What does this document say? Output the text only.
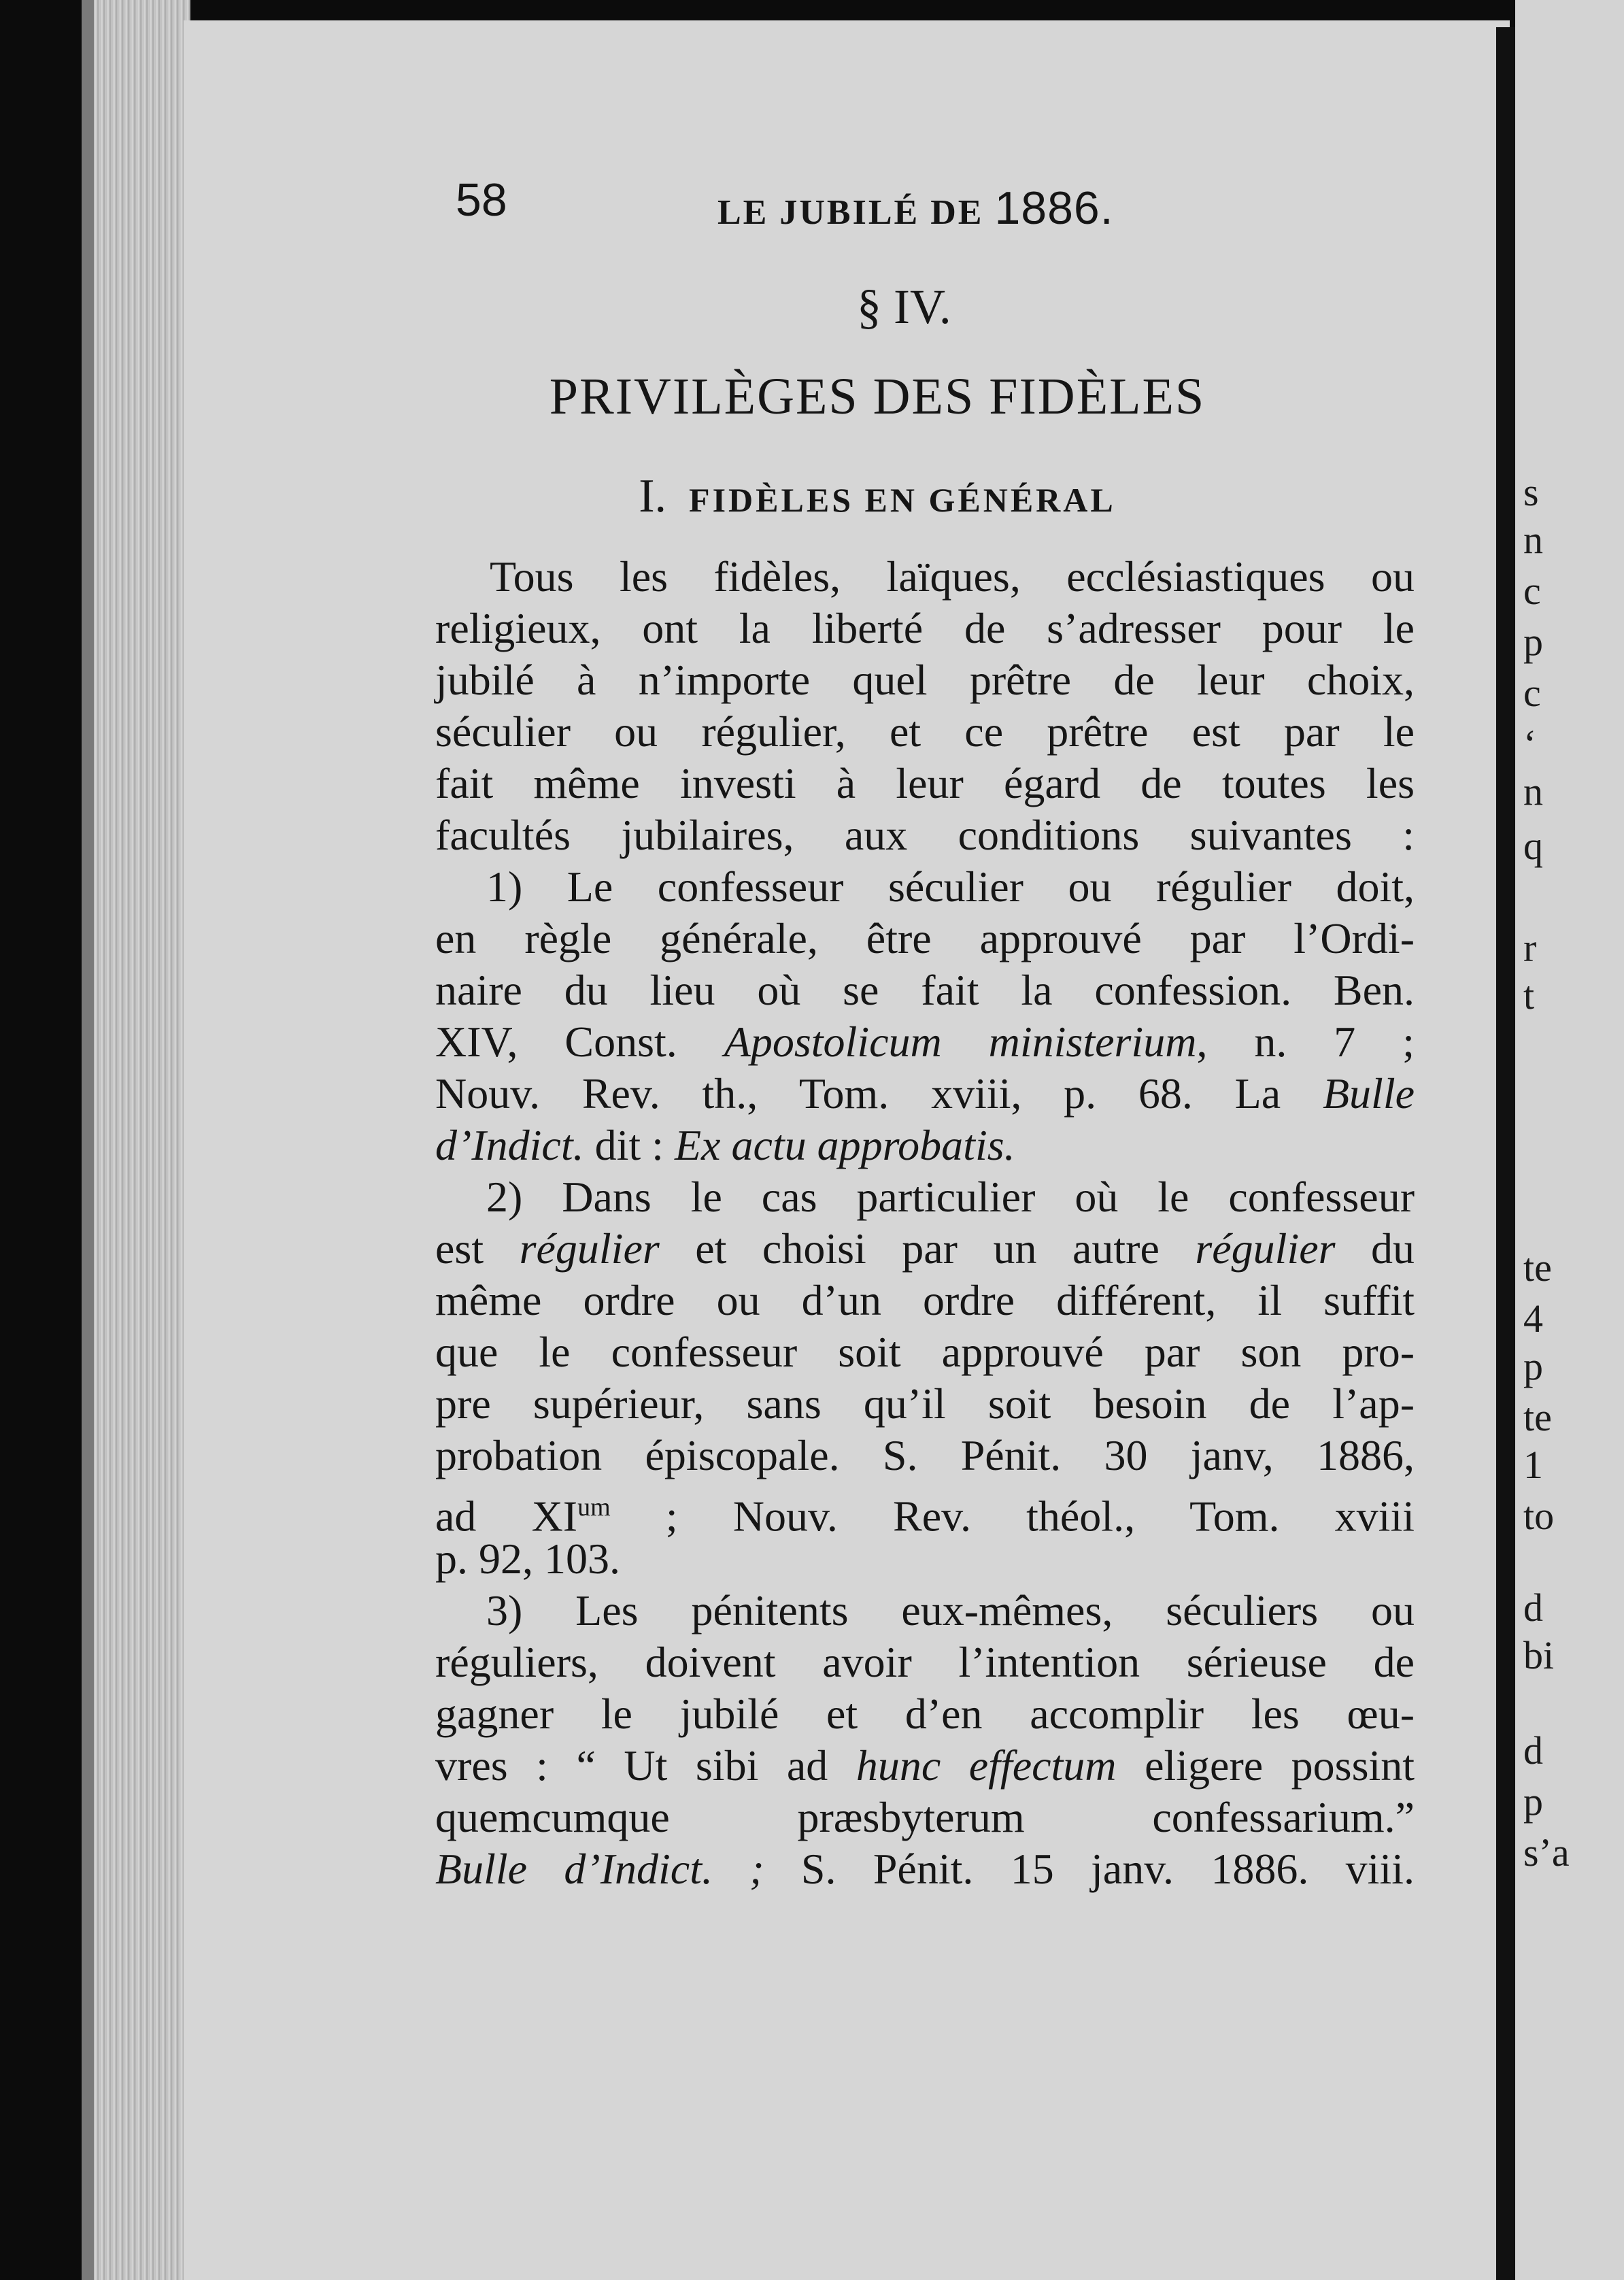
s
n
c
p
c
‘
n
q
r
t
te
4
p
te
1
to
d
bi
d
p
s’a
58	LE JUBILÉ DE 1886.
§ IV.
PRIVILÈGES DES FIDÈLES
I. FIDÈLES EN GÉNÉRAL
Tous les fidèles, laïques, ecclésiastiques ou
religieux, ont la liberté de s’adresser pour le
jubilé à n’importe quel prêtre de leur choix,
séculier ou régulier, et ce prêtre est par le
fait même investi à leur égard de toutes les
facultés jubilaires, aux conditions suivantes :
1) Le confesseur séculier ou régulier doit,
en règle générale, être approuvé par l’Ordi-
naire du lieu où se fait la confession. Ben.
XIV, Const. Apostolicum ministerium, n. 7 ;
Nouv. Rev. th., Tom. xviii, p. 68. La Bulle
d’Indict. dit : Ex actu approbatis.
2) Dans le cas particulier où le confesseur
est régulier et choisi par un autre régulier du
même ordre ou d’un ordre différent, il suffit
que le confesseur soit approuvé par son pro-
pre supérieur, sans qu’il soit besoin de l’ap-
probation épiscopale. S. Pénit. 30 janv, 1886,
ad $XI^{um}$ ; Nouv. Rev. théol., Tom. xviii
p. 92, 103.
3) Les pénitents eux-mêmes, séculiers ou
réguliers, doivent avoir l’intention sérieuse de
gagner le jubilé et d’en accomplir les œu-
vres : “ Ut sibi ad hunc effectum eligere possint
quemcumque præsbyterum confessarium.”
Bulle d’Indict. ; S. Pénit. 15 janv. 1886. viii.
